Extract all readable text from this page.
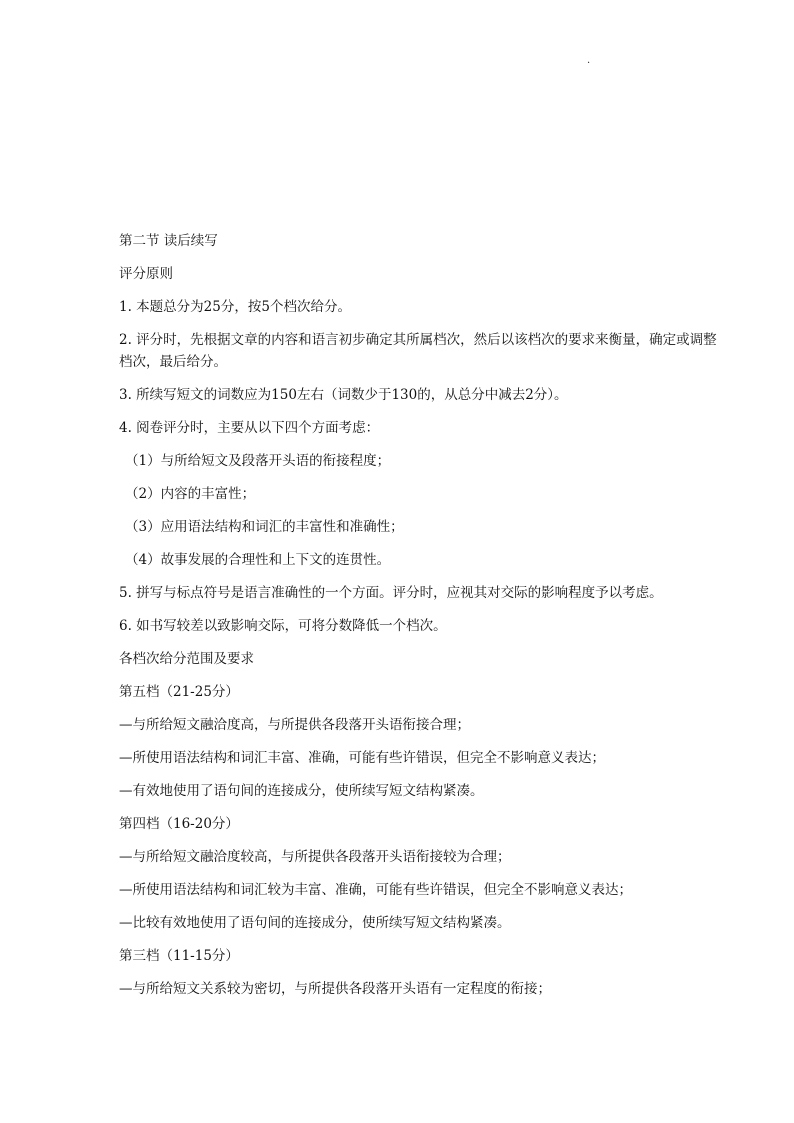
·
第二节 读后续写
评分原则
1. 本题总分为25分，按5个档次给分。
2. 评分时，先根据文章的内容和语言初步确定其所属档次，然后以该档次的要求来衡量，确定或调整档次，最后给分。
3. 所续写短文的词数应为150左右（词数少于130的，从总分中减去2分）。
4. 阅卷评分时，主要从以下四个方面考虑：
（1）与所给短文及段落开头语的衔接程度；
（2）内容的丰富性；
（3）应用语法结构和词汇的丰富性和准确性；
（4）故事发展的合理性和上下文的连贯性。
5. 拼写与标点符号是语言准确性的一个方面。评分时，应视其对交际的影响程度予以考虑。
6. 如书写较差以致影响交际，可将分数降低一个档次。
各档次给分范围及要求
第五档（21-25分）
—与所给短文融洽度高，与所提供各段落开头语衔接合理；
—所使用语法结构和词汇丰富、准确，可能有些许错误，但完全不影响意义表达；
—有效地使用了语句间的连接成分，使所续写短文结构紧凑。
第四档（16-20分）
—与所给短文融洽度较高，与所提供各段落开头语衔接较为合理；
—所使用语法结构和词汇较为丰富、准确，可能有些许错误，但完全不影响意义表达；
—比较有效地使用了语句间的连接成分，使所续写短文结构紧凑。
第三档（11-15分）
—与所给短文关系较为密切，与所提供各段落开头语有一定程度的衔接；
